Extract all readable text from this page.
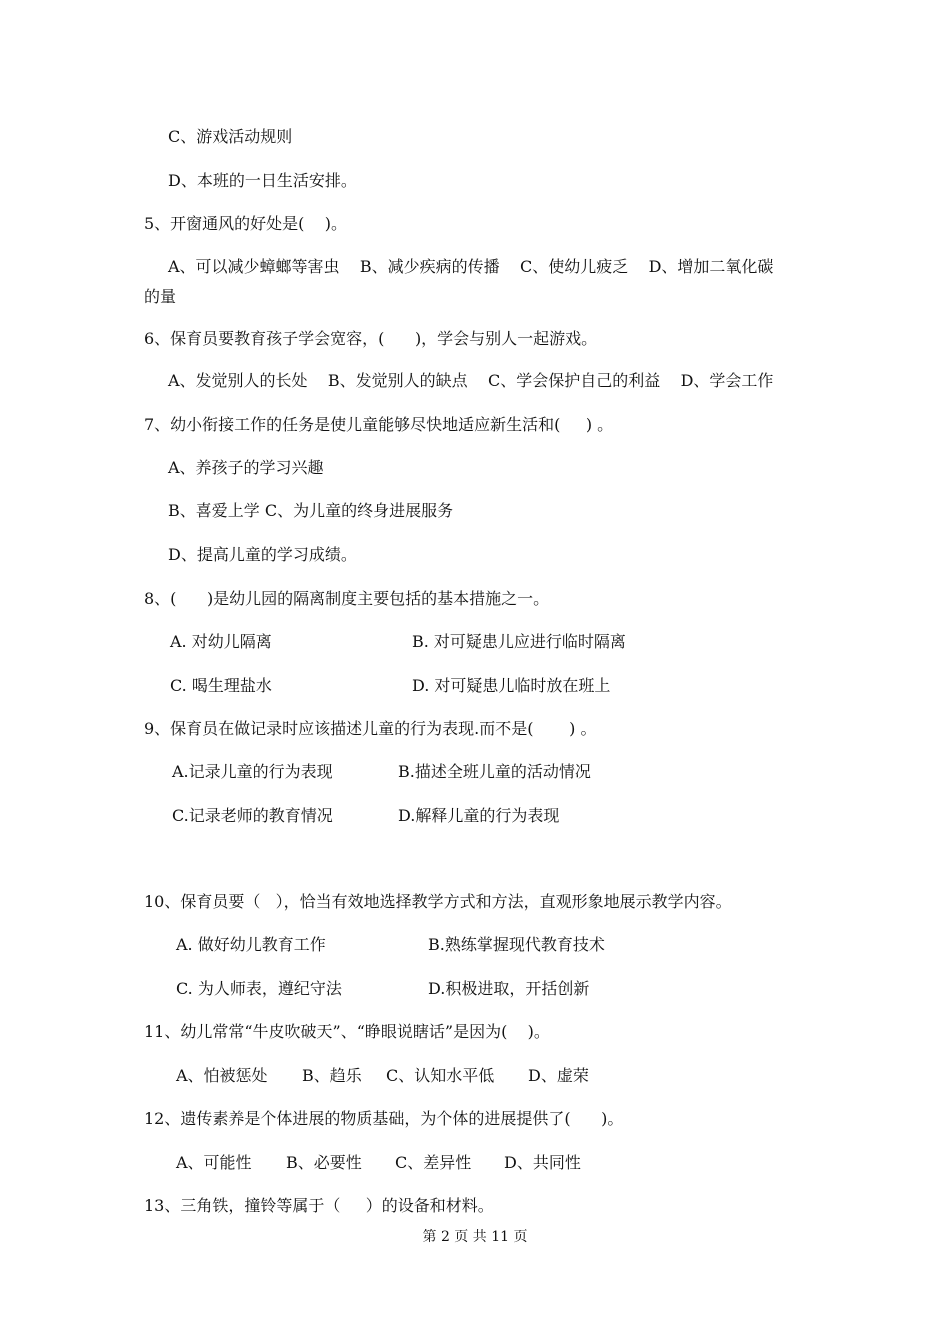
C、游戏活动规则
D、本班的一日生活安排。
5、开窗通风的好处是(    )。
A、可以减少蟑螂等害虫    B、减少疾病的传播    C、使幼儿疲乏    D、增加二氧化碳
的量
6、保育员要教育孩子学会宽容，(      )，学会与别人一起游戏。
A、发觉别人的长处    B、发觉别人的缺点    C、学会保护自己的利益    D、学会工作
7、幼小衔接工作的任务是使儿童能够尽快地适应新生活和(     ) 。
A、养孩子的学习兴趣
B、喜爱上学 C、为儿童的终身进展服务
D、提高儿童的学习成绩。
8、(      )是幼儿园的隔离制度主要包括的基本措施之一。
A. 对幼儿隔离	B. 对可疑患儿应进行临时隔离
C. 喝生理盐水	D. 对可疑患儿临时放在班上
9、保育员在做记录时应该描述儿童的行为表现.而不是(       ) 。
A.记录儿童的行为表现	B.描述全班儿童的活动情况
C.记录老师的教育情况	D.解释儿童的行为表现
10、保育员要（   ），恰当有效地选择教学方式和方法，直观形象地展示教学内容。
A. 做好幼儿教育工作	B.熟练掌握现代教育技术
C. 为人师表，遵纪守法	D.积极进取，开括创新
11、幼儿常常“牛皮吹破天”、“睁眼说瞎话”是因为(    )。
A、怕被惩处 B、趋乐 C、认知水平低 D、虚荣
12、遗传素养是个体进展的物质基础，为个体的进展提供了(      )。
A、可能性 B、必要性 C、差异性 D、共同性
13、三角铁，撞铃等属于（     ）的设备和材料。
第 2 页 共 11 页
